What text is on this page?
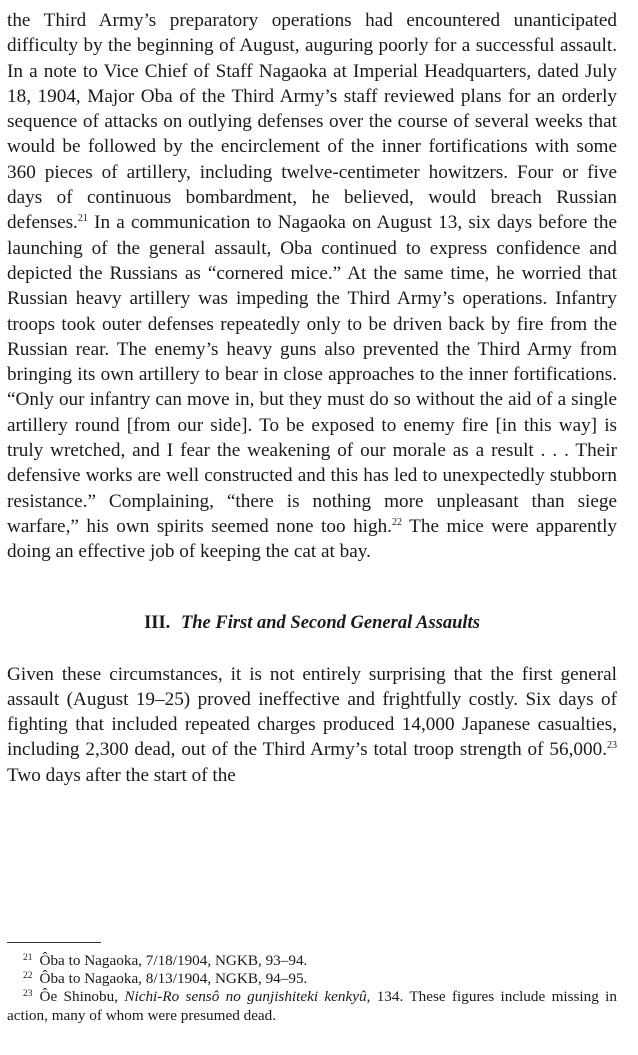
the Third Army’s preparatory operations had encountered unanticipated difficulty by the beginning of August, auguring poorly for a successful assault. In a note to Vice Chief of Staff Nagaoka at Imperial Headquarters, dated July 18, 1904, Major Oba of the Third Army’s staff reviewed plans for an orderly sequence of attacks on outlying defenses over the course of several weeks that would be followed by the encirclement of the inner fortifications with some 360 pieces of artillery, including twelve-centimeter howitzers. Four or five days of continuous bombardment, he believed, would breach Russian defenses.$^{21}$ In a communication to Nagaoka on August 13, six days before the launching of the general assault, Oba continued to express confidence and depicted the Russians as “cornered mice.” At the same time, he worried that Russian heavy artillery was impeding the Third Army’s operations. Infantry troops took outer defenses repeatedly only to be driven back by fire from the Russian rear. The enemy’s heavy guns also prevented the Third Army from bringing its own artillery to bear in close approaches to the inner fortifications. “Only our infantry can move in, but they must do so without the aid of a single artillery round [from our side]. To be exposed to enemy fire [in this way] is truly wretched, and I fear the weakening of our morale as a result . . . Their defensive works are well constructed and this has led to unexpectedly stubborn resistance.” Complaining, “there is nothing more unpleasant than siege warfare,” his own spirits seemed none too high.$^{22}$ The mice were apparently doing an effective job of keeping the cat at bay.

III. The First and Second General Assaults

Given these circumstances, it is not entirely surprising that the first general assault (August 19–25) proved ineffective and frightfully costly. Six days of fighting that included repeated charges produced 14,000 Japanese casualties, including 2,300 dead, out of the Third Army’s total troop strength of 56,000.23 Two days after the start of the

$^{21}$ Ôba to Nagaoka, 7/18/1904, NGKB, 93–94.

$^{22}$ Ôba to Nagaoka, 8/13/1904, NGKB, 94–95.

$^{23}$ Ôe Shinobu, Nichi-Ro sensô no gunjishiteki kenkyû, 134. These figures include missing in action, many of whom were presumed dead.
